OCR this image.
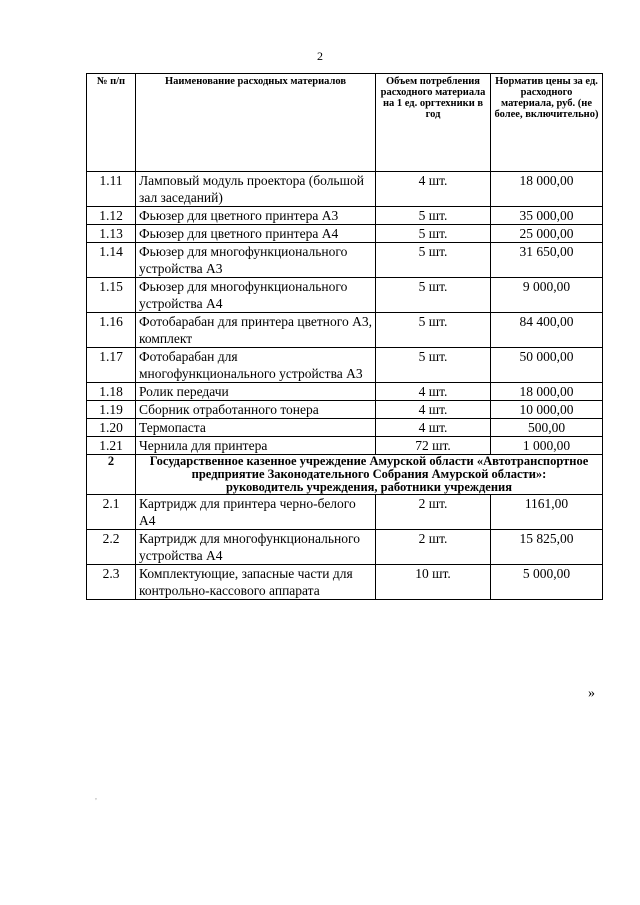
2
№ п/п	Наименование расходных материалов	Объем потребления расходного материала на 1 ед. оргтехники в год	Норматив цены за ед. расходного материала, руб. (не более, включительно)
1.11	Ламповый модуль проектора (большой зал заседаний)	4 шт.	18 000,00
1.12	Фьюзер для цветного принтера А3	5 шт.	35 000,00
1.13	Фьюзер для цветного принтера А4	5 шт.	25 000,00
1.14	Фьюзер для многофункционального устройства А3	5 шт.	31 650,00
1.15	Фьюзер для многофункционального устройства А4	5 шт.	9 000,00
1.16	Фотобарабан для принтера цветного А3, комплект	5 шт.	84 400,00
1.17	Фотобарабан для многофункционального устройства А3	5 шт.	50 000,00
1.18	Ролик передачи	4 шт.	18 000,00
1.19	Сборник отработанного тонера	4 шт.	10 000,00
1.20	Термопаста	4 шт.	500,00
1.21	Чернила для принтера	72 шт.	1 000,00
2	Государственное казенное учреждение Амурской области «Автотранспортное предприятие Законодательного Собрания Амурской области»:
руководитель учреждения, работники учреждения		

2.1	Картридж для принтера черно-белого А4	2 шт.	1161,00
2.2	Картридж для многофункционального устройства А4	2 шт.	15 825,00
2.3	Комплектующие, запасные части для контрольно-кассового аппарата	10 шт.	5 000,00
»
,
